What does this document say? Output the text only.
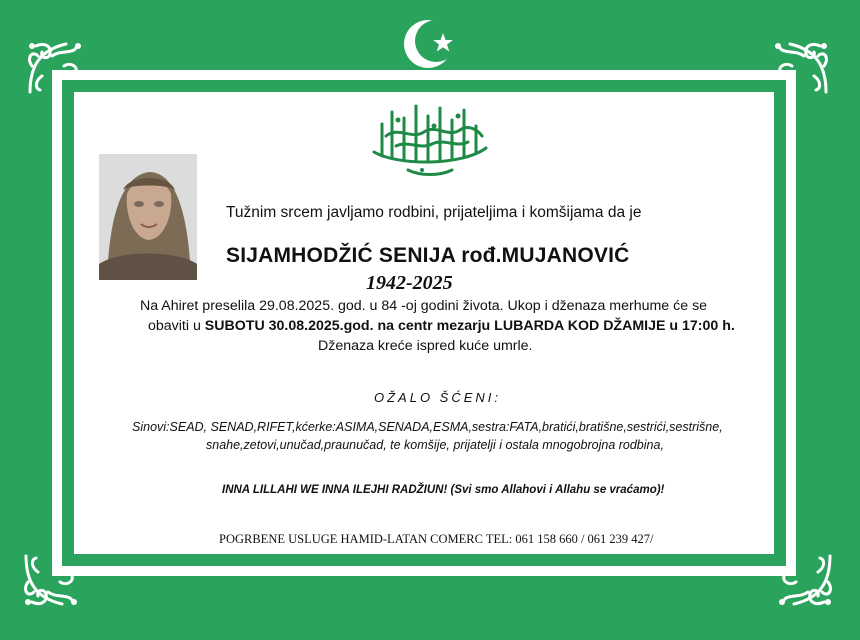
Tužnim srcem javljamo rodbini, prijateljima i komšijama da je
SIJAMHODŽIĆ SENIJA rođ.MUJANOVIĆ
1942-2025
Na Ahiret preselila 29.08.2025. god. u 84 -oj godini života. Ukop i dženaza merhume će se
obaviti u SUBOTU 30.08.2025.god. na centr mezarju LUBARDA KOD DŽAMIJE u 17:00 h.
Dženaza kreće ispred kuće umrle.
OŽALO ŠĆENI:
Sinovi:SEAD, SENAD,RIFET,kćerke:ASIMA,SENADA,ESMA,sestra:FATA,bratići,bratišne,sestrići,sestrišne,
snahe,zetovi,unučad,praunučad, te komšije, prijatelji i ostala mnogobrojna rodbina,
INNA LILLAHI WE INNA ILEJHI RADŽIUN! (Svi smo Allahovi i Allahu se vraćamo)!
POGRBENE USLUGE HAMID-LATAN COMERC TEL: 061 158 660 / 061 239 427/
